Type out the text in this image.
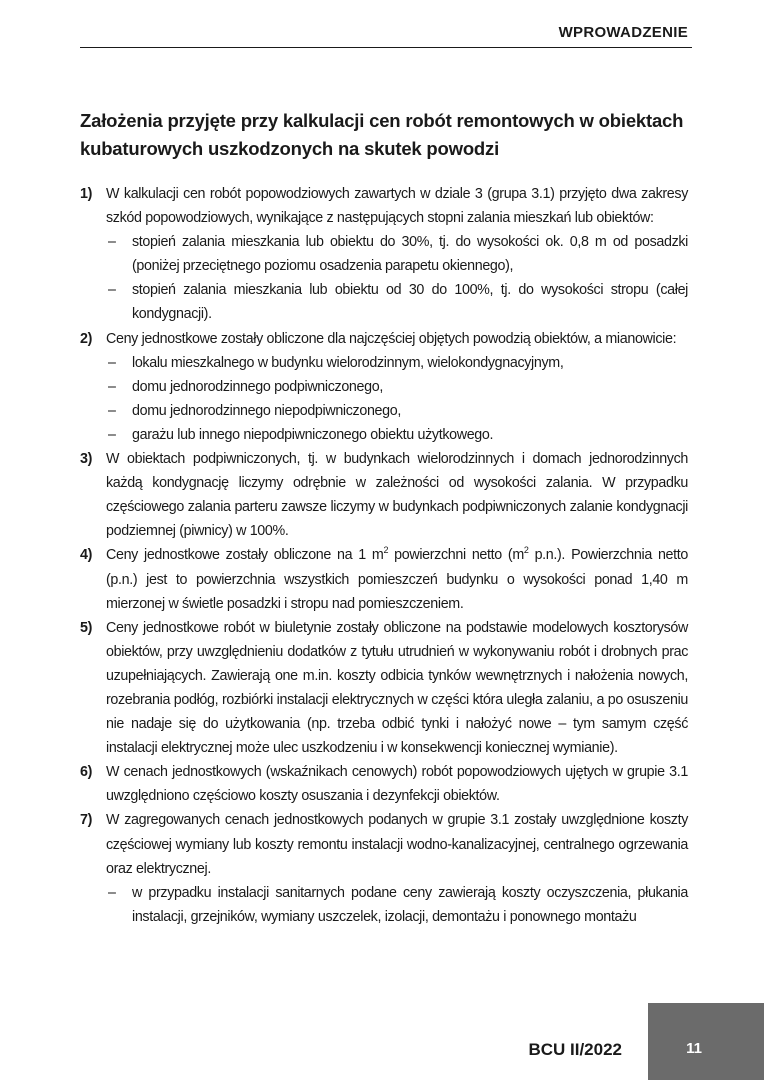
WPROWADZENIE
Założenia przyjęte przy kalkulacji cen robót remontowych w obiektach kubaturowych uszkodzonych na skutek powodzi
1) W kalkulacji cen robót popowodziowych zawartych w dziale 3 (grupa 3.1) przyjęto dwa zakresy szkód popowodziowych, wynikające z następujących stopni zalania mieszkań lub obiektów:
– stopień zalania mieszkania lub obiektu do 30%, tj. do wysokości ok. 0,8 m od posadzki (poniżej przeciętnego poziomu osadzenia parapetu okiennego),
– stopień zalania mieszkania lub obiektu od 30 do 100%, tj. do wysokości stropu (całej kondygnacji).
2) Ceny jednostkowe zostały obliczone dla najczęściej objętych powodzią obiektów, a mianowicie:
– lokalu mieszkalnego w budynku wielorodzinnym, wielokondygnacyjnym,
– domu jednorodzinnego podpiwniczonego,
– domu jednorodzinnego niepodpiwniczonego,
– garażu lub innego niepodpiwniczonego obiektu użytkowego.
3) W obiektach podpiwniczonych, tj. w budynkach wielorodzinnych i domach jednorodzinnych każdą kondygnację liczymy odrębnie w zależności od wysokości zalania. W przypadku częściowego zalania parteru zawsze liczymy w budynkach podpiwniczonych zalanie kondygnacji podziemnej (piwnicy) w 100%.
4) Ceny jednostkowe zostały obliczone na 1 $m^2$ powierzchni netto ($m^2$ p.n.). Powierzchnia netto (p.n.) jest to powierzchnia wszystkich pomieszczeń budynku o wysokości ponad 1,40 m mierzonej w świetle posadzki i stropu nad pomieszczeniem.
5) Ceny jednostkowe robót w biuletynie zostały obliczone na podstawie modelowych kosztorysów obiektów, przy uwzględnieniu dodatków z tytułu utrudnień w wykonywaniu robót i drobnych prac uzupełniających. Zawierają one m.in. koszty odbicia tynków wewnętrznych i nałożenia nowych, rozebrania podłóg, rozbiórki instalacji elektrycznych w części która uległa zalaniu, a po osuszeniu nie nadaje się do użytkowania (np. trzeba odbić tynki i nałożyć nowe – tym samym część instalacji elektrycznej może ulec uszkodzeniu i w konsekwencji koniecznej wymianie).
6) W cenach jednostkowych (wskaźnikach cenowych) robót popowodziowych ujętych w grupie 3.1 uwzględniono częściowo koszty osuszania i dezynfekcji obiektów.
7) W zagregowanych cenach jednostkowych podanych w grupie 3.1 zostały uwzględnione koszty częściowej wymiany lub koszty remontu instalacji wodno-kanalizacyjnej, centralnego ogrzewania oraz elektrycznej.
– w przypadku instalacji sanitarnych podane ceny zawierają koszty oczyszczenia, płukania instalacji, grzejników, wymiany uszczelek, izolacji, demontażu i ponownego montażu
BCU II/2022	11
